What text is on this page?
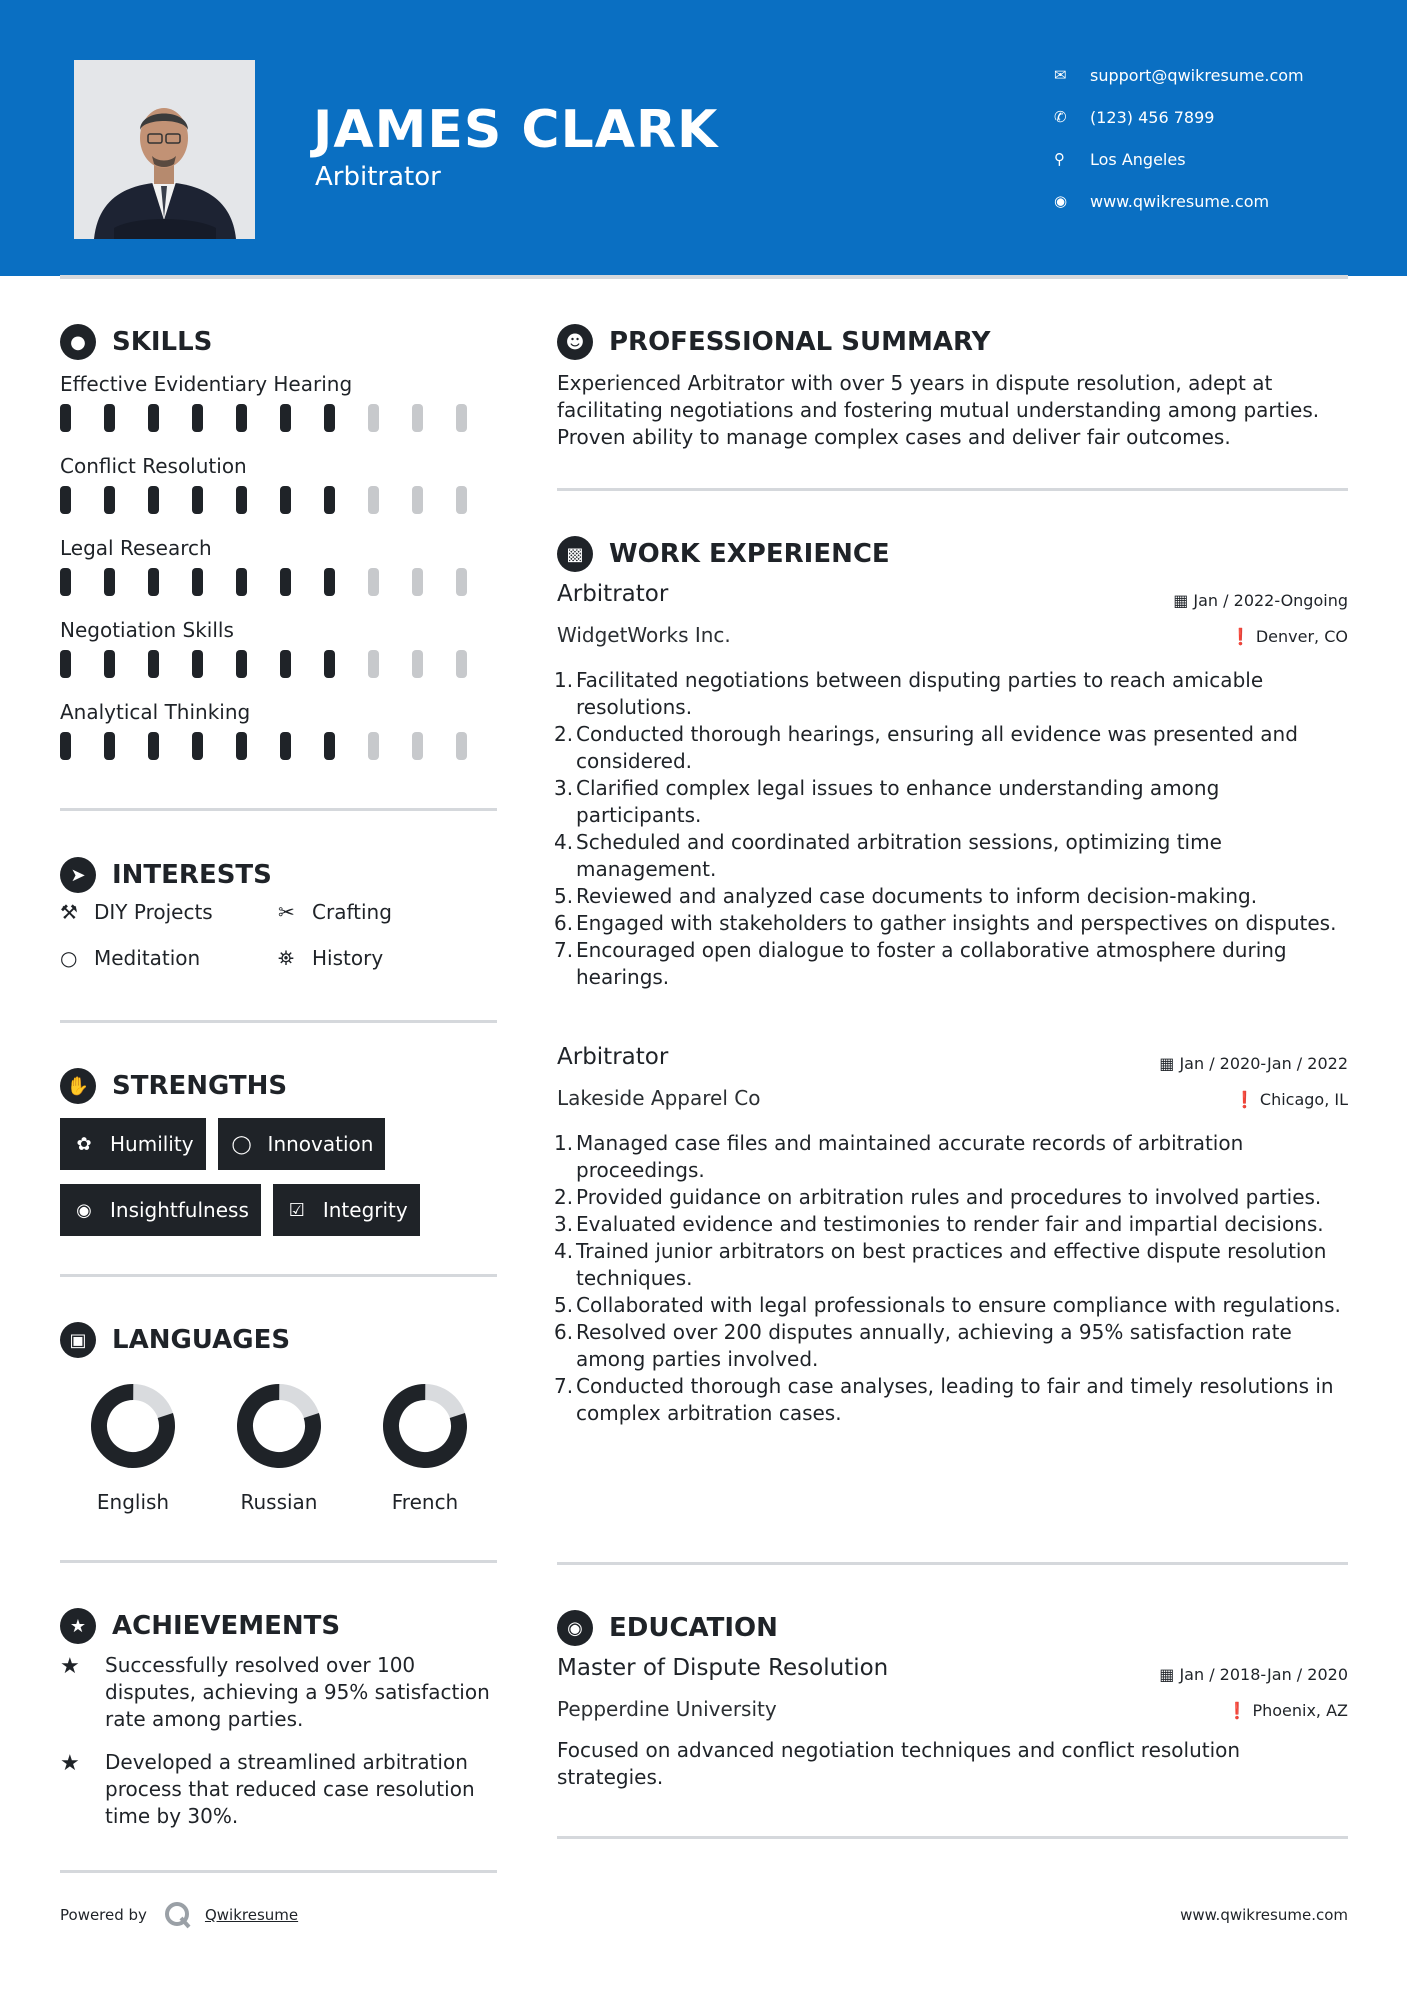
JAMES CLARK
Arbitrator
✉	support@qwikresume.com
✆	(123) 456 7899
⚲	Los Angeles
◉	www.qwikresume.com
●	SKILLS
Effective Evidentiary Hearing
Conflict Resolution
Legal Research
Negotiation Skills
Analytical Thinking
➤	INTERESTS
⚒ DIY Projects	✂ Crafting
○ Meditation	⛯ History
✋ STRENGTHS
✿ Humility ◯ Innovation
◉ Insightfulness	☑ Integrity
▣ LANGUAGES
English	Russian	French
★ ACHIEVEMENTS
★	Successfully resolved over 100 disputes, achieving a 95% satisfaction rate among parties.
★	Developed a streamlined arbitration process that reduced case resolution time by 30%.
☻ PROFESSIONAL SUMMARY
Experienced Arbitrator with over 5 years in dispute resolution, adept at facilitating negotiations and fostering mutual understanding among parties. Proven ability to manage complex cases and deliver fair outcomes.
▩ WORK EXPERIENCE
Arbitrator	▦ Jan / 2022-Ongoing
WidgetWorks Inc.	❗ Denver, CO
Facilitated negotiations between disputing parties to reach amicable resolutions.
Conducted thorough hearings, ensuring all evidence was presented and considered.
Clarified complex legal issues to enhance understanding among participants.
Scheduled and coordinated arbitration sessions, optimizing time management.
Reviewed and analyzed case documents to inform decision-making.
Engaged with stakeholders to gather insights and perspectives on disputes.
Encouraged open dialogue to foster a collaborative atmosphere during hearings.
Arbitrator	▦ Jan / 2020-Jan / 2022
Lakeside Apparel Co	❗ Chicago, IL
Managed case files and maintained accurate records of arbitration proceedings.
Provided guidance on arbitration rules and procedures to involved parties.
Evaluated evidence and testimonies to render fair and impartial decisions.
Trained junior arbitrators on best practices and effective dispute resolution techniques.
Collaborated with legal professionals to ensure compliance with regulations.
Resolved over 200 disputes annually, achieving a 95% satisfaction rate among parties involved.
Conducted thorough case analyses, leading to fair and timely resolutions in complex arbitration cases.
◉	EDUCATION
Master of Dispute Resolution	▦ Jan / 2018-Jan / 2020
Pepperdine University	❗ Phoenix, AZ
Focused on advanced negotiation techniques and conflict resolution strategies.
Powered by	Qwikresume	www.qwikresume.com
